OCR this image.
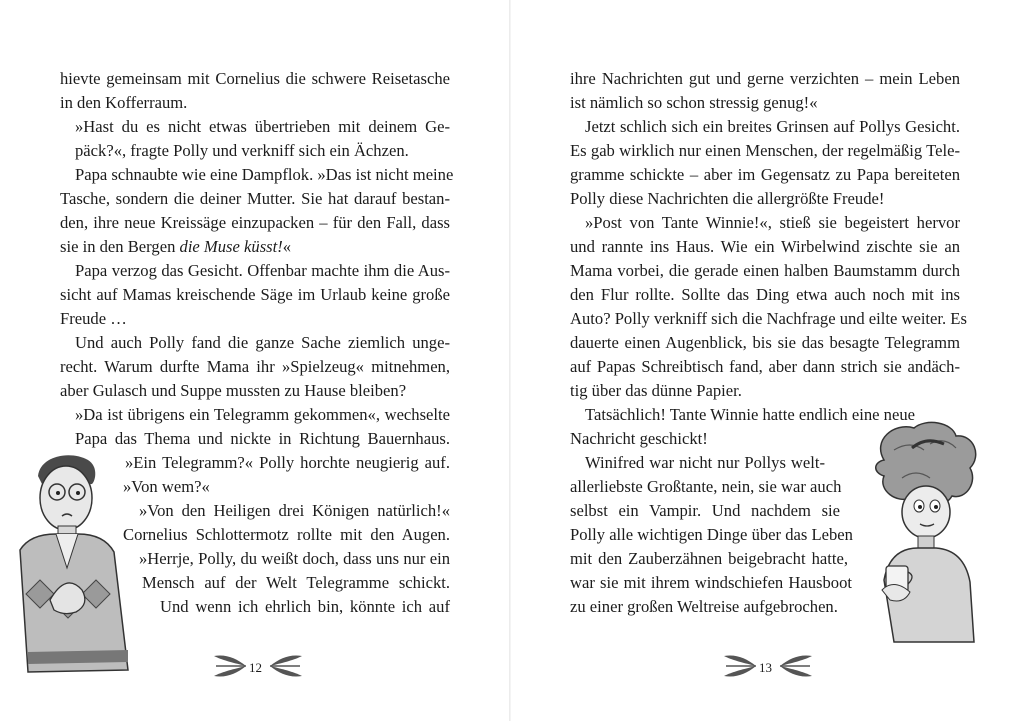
hievte gemeinsam mit Cornelius die schwere Reisetasche
in den Kofferraum.
»Hast du es nicht etwas übertrieben mit deinem Ge-
päck?«, fragte Polly und verkniff sich ein Ächzen.
Papa schnaubte wie eine Dampflok. »Das ist nicht meine
Tasche, sondern die deiner Mutter. Sie hat darauf bestan-
den, ihre neue Kreissäge einzupacken – für den Fall, dass
sie in den Bergen die Muse küsst!«
Papa verzog das Gesicht. Offenbar machte ihm die Aus-
sicht auf Mamas kreischende Säge im Urlaub keine große
Freude …
Und auch Polly fand die ganze Sache ziemlich unge-
recht. Warum durfte Mama ihr »Spielzeug« mitnehmen,
aber Gulasch und Suppe mussten zu Hause bleiben?
»Da ist übrigens ein Telegramm gekommen«, wechselte
Papa das Thema und nickte in Richtung Bauernhaus.
»Ein Telegramm?« Polly horchte neugierig auf.
»Von wem?«
»Von den Heiligen drei Königen natürlich!«
Cornelius Schlottermotz rollte mit den Augen.
»Herrje, Polly, du weißt doch, dass uns nur ein
Mensch auf der Welt Telegramme schickt.
Und wenn ich ehrlich bin, könnte ich auf
12
ihre Nachrichten gut und gerne verzichten – mein Leben
ist nämlich so schon stressig genug!«
Jetzt schlich sich ein breites Grinsen auf Pollys Gesicht.
Es gab wirklich nur einen Menschen, der regelmäßig Tele-
gramme schickte – aber im Gegensatz zu Papa bereiteten
Polly diese Nachrichten die allergrößte Freude!
»Post von Tante Winnie!«, stieß sie begeistert hervor
und rannte ins Haus. Wie ein Wirbelwind zischte sie an
Mama vorbei, die gerade einen halben Baumstamm durch
den Flur rollte. Sollte das Ding etwa auch noch mit ins
Auto? Polly verkniff sich die Nachfrage und eilte weiter. Es
dauerte einen Augenblick, bis sie das besagte Telegramm
auf Papas Schreibtisch fand, aber dann strich sie andäch-
tig über das dünne Papier.
Tatsächlich! Tante Winnie hatte endlich eine neue
Nachricht geschickt!
Winifred war nicht nur Pollys welt-
allerliebste Großtante, nein, sie war auch
selbst ein Vampir. Und nachdem sie
Polly alle wichtigen Dinge über das Leben
mit den Zauberzähnen beigebracht hatte,
war sie mit ihrem windschiefen Hausboot
zu einer großen Weltreise aufgebrochen.
13
